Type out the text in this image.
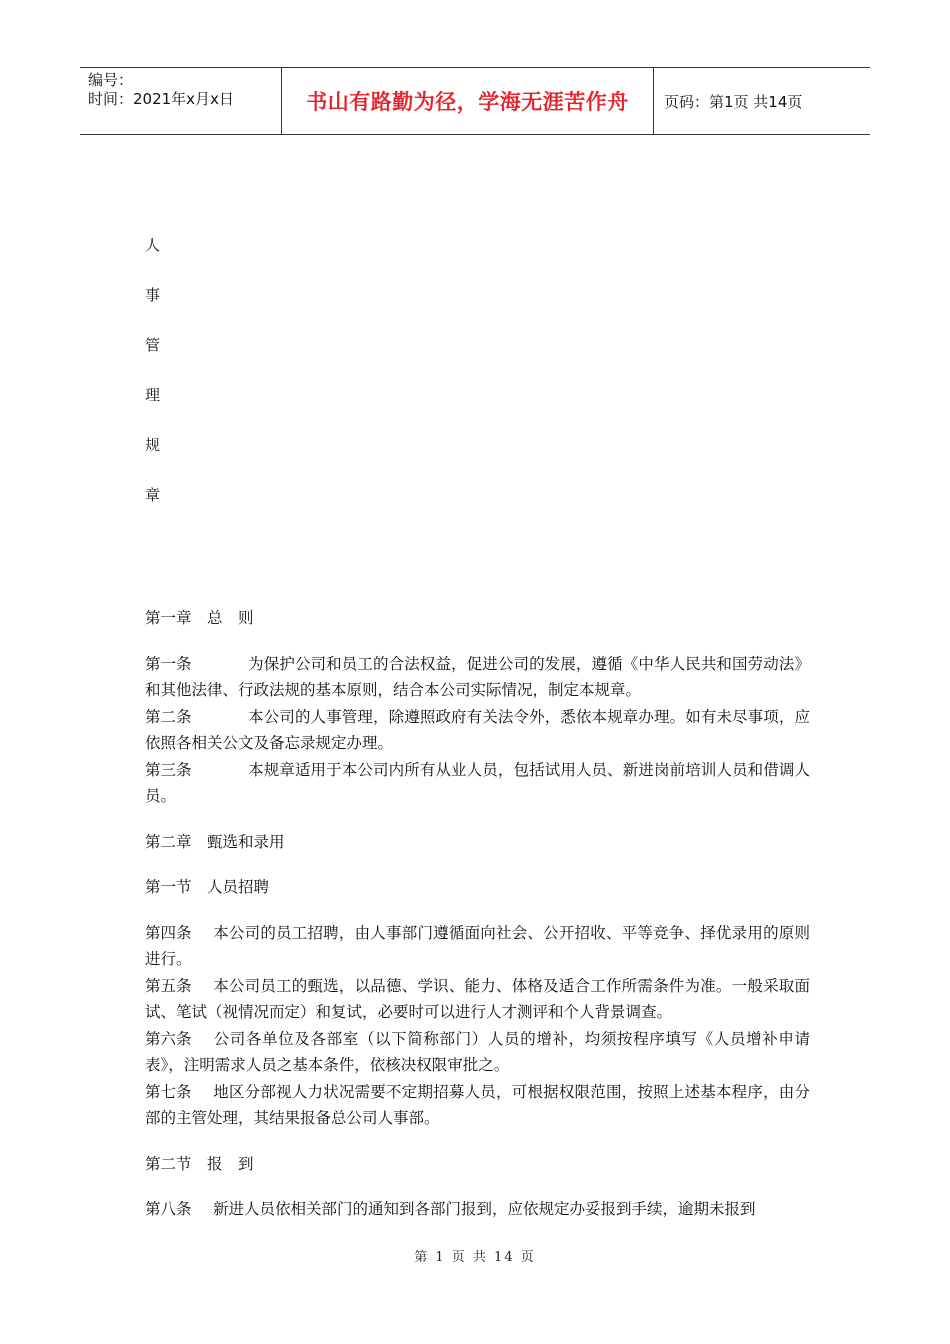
编号：
时间：2021年x月x日	书山有路勤为径，学海无涯苦作舟 页码：第1页 共14页
人
事
管
理
规
章

第一章　总　则

第一条	为保护公司和员工的合法权益，促进公司的发展，遵循《中华人民共和国劳动法》和其他法律、行政法规的基本原则，结合本公司实际情况，制定本规章。

第二条	本公司的人事管理，除遵照政府有关法令外，悉依本规章办理。如有未尽事项，应依照各相关公文及备忘录规定办理。

第三条	本规章适用于本公司内所有从业人员，包括试用人员、新进岗前培训人员和借调人员。

第二章　甄选和录用

第一节　人员招聘

第四条 本公司的员工招聘，由人事部门遵循面向社会、公开招收、平等竞争、择优录用的原则进行。

第五条 本公司员工的甄选，以品德、学识、能力、体格及适合工作所需条件为准。一般采取面试、笔试（视情况而定）和复试，必要时可以进行人才测评和个人背景调查。

第六条 公司各单位及各部室（以下简称部门）人员的增补，均须按程序填写《人员增补申请表》，注明需求人员之基本条件，依核决权限审批之。

第七条 地区分部视人力状况需要不定期招募人员，可根据权限范围，按照上述基本程序，由分部的主管处理，其结果报备总公司人事部。

第二节　报　到

第八条 新进人员依相关部门的通知到各部门报到，应依规定办妥报到手续，逾期未报到

第 1 页 共 14 页
